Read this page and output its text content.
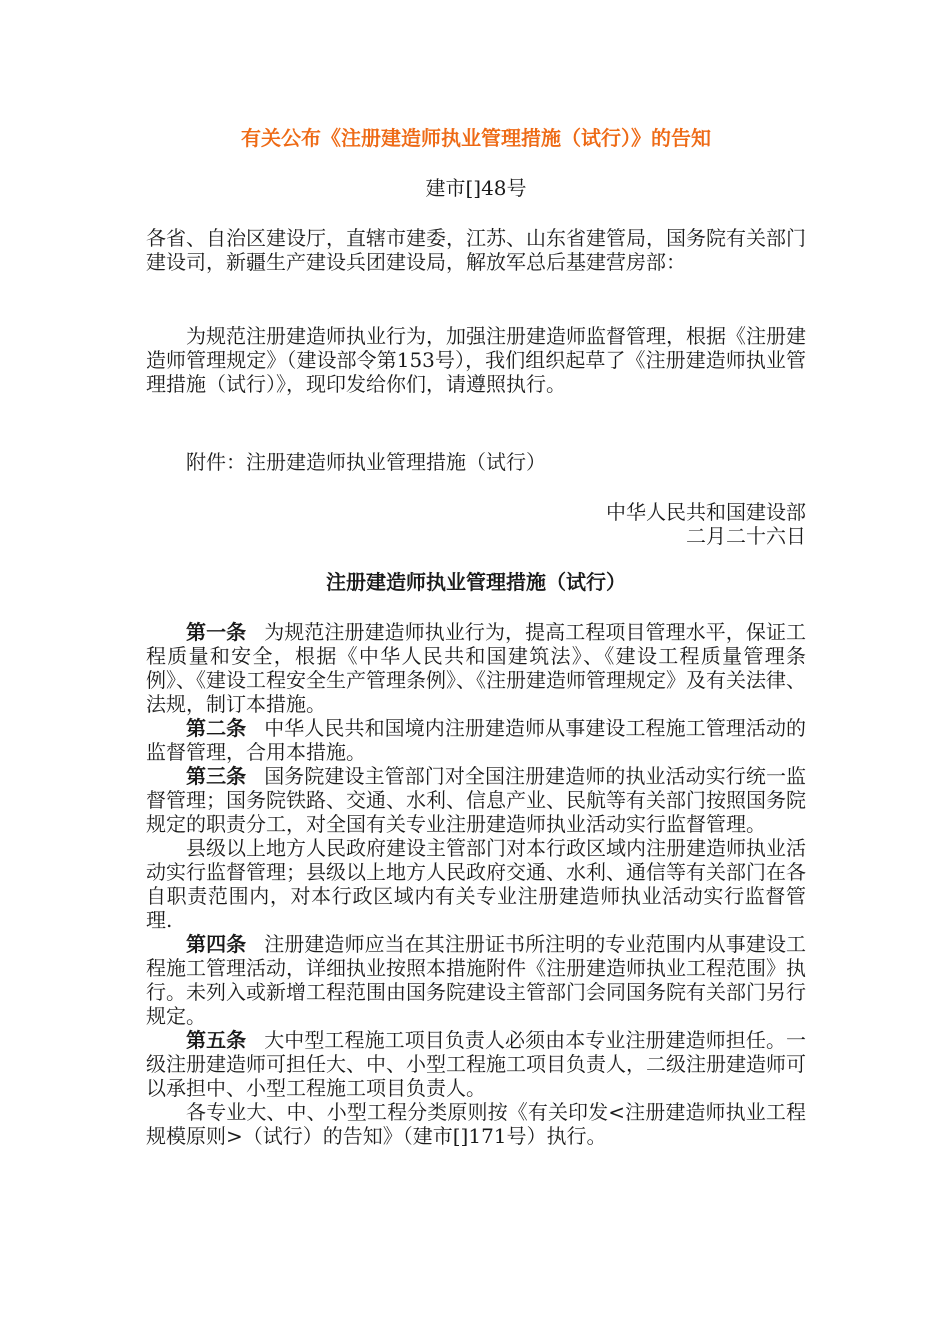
有关公布《注册建造师执业管理措施（试行）》的告知
建市[]48号
各省、自治区建设厅，直辖市建委，江苏、山东省建管局，国务院有关部门建设司，新疆生产建设兵团建设局，解放军总后基建营房部：
为规范注册建造师执业行为，加强注册建造师监督管理，根据《注册建造师管理规定》（建设部令第153号），我们组织起草了《注册建造师执业管理措施（试行）》，现印发给你们，请遵照执行。
附件：注册建造师执业管理措施（试行）
中华人民共和国建设部
二月二十六日
注册建造师执业管理措施（试行）

第一条 为规范注册建造师执业行为，提高工程项目管理水平，保证工程质量和安全，根据《中华人民共和国建筑法》、《建设工程质量管理条例》、《建设工程安全生产管理条例》、《注册建造师管理规定》及有关法律、法规，制订本措施。

第二条 中华人民共和国境内注册建造师从事建设工程施工管理活动的监督管理，合用本措施。

第三条 国务院建设主管部门对全国注册建造师的执业活动实行统一监督管理；国务院铁路、交通、水利、信息产业、民航等有关部门按照国务院规定的职责分工，对全国有关专业注册建造师执业活动实行监督管理。

县级以上地方人民政府建设主管部门对本行政区域内注册建造师执业活动实行监督管理；县级以上地方人民政府交通、水利、通信等有关部门在各自职责范围内，对本行政区域内有关专业注册建造师执业活动实行监督管理.

第四条 注册建造师应当在其注册证书所注明的专业范围内从事建设工程施工管理活动，详细执业按照本措施附件《注册建造师执业工程范围》执行。未列入或新增工程范围由国务院建设主管部门会同国务院有关部门另行规定。

第五条 大中型工程施工项目负责人必须由本专业注册建造师担任。一级注册建造师可担任大、中、小型工程施工项目负责人，二级注册建造师可以承担中、小型工程施工项目负责人。

各专业大、中、小型工程分类原则按《有关印发<注册建造师执业工程规模原则>（试行）的告知》（建市[]171号）执行。
